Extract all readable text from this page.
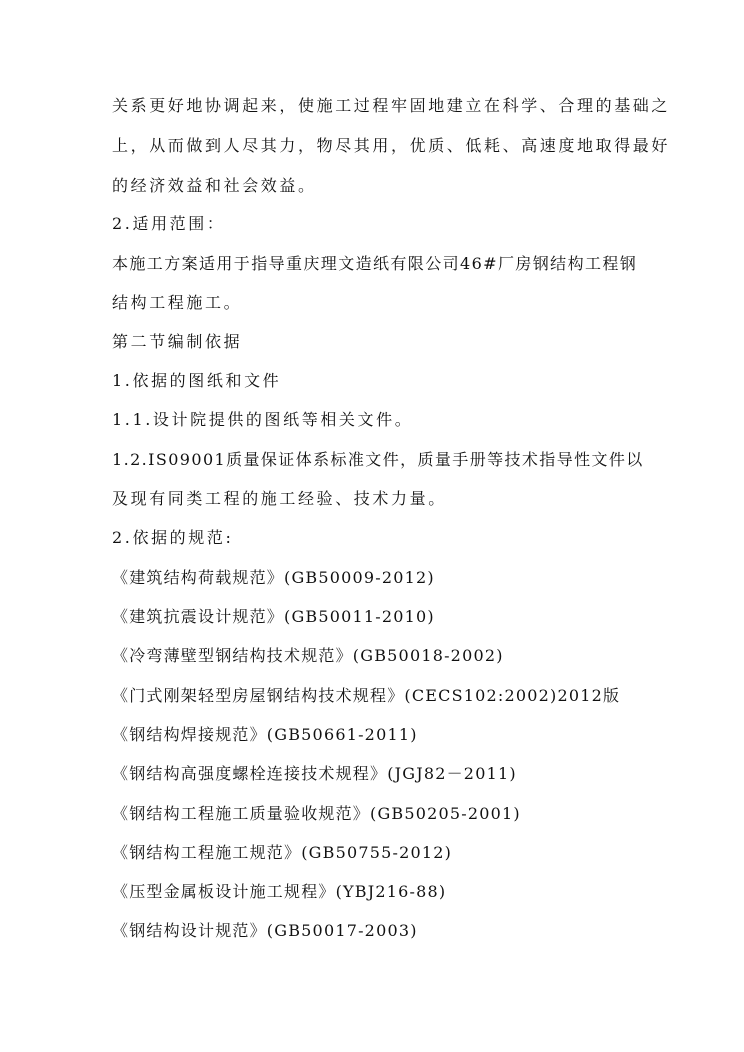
关系更好地协调起来，使施工过程牢固地建立在科学、合理的基础之
上，从而做到人尽其力，物尽其用，优质、低耗、高速度地取得最好
的经济效益和社会效益。
2.适用范围：
本施工方案适用于指导重庆理文造纸有限公司46#厂房钢结构工程钢
结构工程施工。
第二节编制依据
1.依据的图纸和文件
1.1.设计院提供的图纸等相关文件。
1.2.IS09001质量保证体系标准文件，质量手册等技术指导性文件以
及现有同类工程的施工经验、技术力量。
2.依据的规范:
《建筑结构荷载规范》(GB50009-2012)
《建筑抗震设计规范》(GB50011-2010)
《冷弯薄壁型钢结构技术规范》(GB50018-2002)
《门式刚架轻型房屋钢结构技术规程》(CECS102:2002)2012版
《钢结构焊接规范》(GB50661-2011)
《钢结构高强度螺栓连接技术规程》(JGJ82－2011)
《钢结构工程施工质量验收规范》(GB50205-2001)
《钢结构工程施工规范》(GB50755-2012)
《压型金属板设计施工规程》(YBJ216-88)
《钢结构设计规范》(GB50017-2003)
